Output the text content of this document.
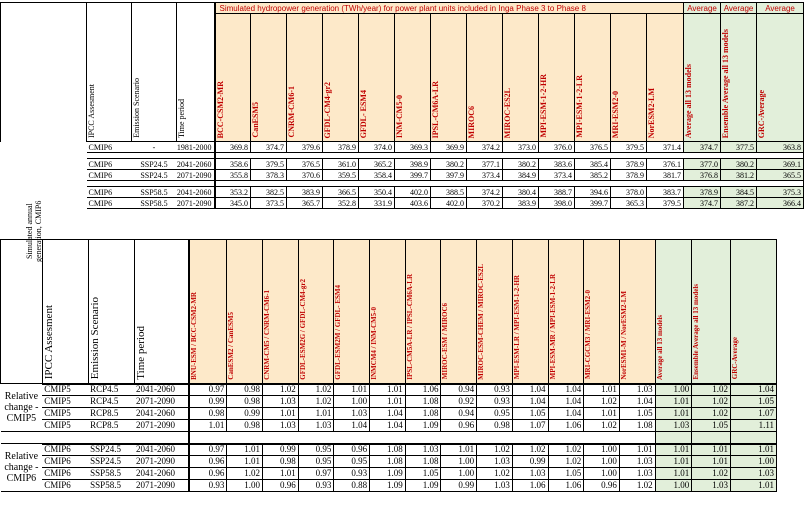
	IPCC Assesment	Emission Scenario	Time period	Simulated hydropower generation (TWh/year) for power plant units included in Inga Phase 3 to Phase 8													Average	Average	Average

				BCC-CSM2-MR	CanESM5	CNRM-CM6-1	GFDL-CM4-gr2	GFDL- ESM4	INM-CM5-0	IPSL-CM6A-LR	MIROC6	MIROC-ES2L	MPI-ESM-1-2-HR	MPI-ESM-1-2-LR	MRI-ESM2-0	NorESM2-LM	Average all 13 models	Ensemble Average all 13 models	GRC-Average

	CMIP6	-	1981-2000	369.8	374.7	379.6	378.9	374.0	369.3	369.9	374.2	373.0	376.0	376.5	379.5	371.4	374.7	377.5	363.8

	CMIP6	SSP24.5	2041-2060	358.6	379.5	376.5	361.0	365.2	398.9	380.2	377.1	380.2	383.6	385.4	378.9	376.1	377.0	380.2	369.1
	CMIP6	SSP24.5	2071-2090	355.8	378.3	370.6	359.5	358.4	399.7	397.9	373.4	384.9	373.4	385.2	378.9	381.7	376.8	381.2	365.5

	CMIP6	SSP58.5	2041-2060	353.2	382.5	383.9	366.5	350.4	402.0	388.5	374.2	380.4	388.7	394.6	378.0	383.7	378.9	384.5	375.3
	CMIP6	SSP58.5	2071-2090	345.0	373.5	365.7	352.8	331.9	403.6	402.0	370.2	383.9	398.0	399.7	365.3	379.5	374.7	387.2	366.4
Simulated annual generation, CMIP6

	IPCC Assesment	Emission Scenario	Time period	BNU-ESM / BCC-CSM2-MR	CanESM2 / CanESM5	CNRM-CM5 / CNRM-CM6-1	GFDL-ESM2G / GFDL-CM4-gr2	GFDL-ESM2M / GFDL- ESM4	INMCM4 / INM-CM5-0	IPSL-CM5A-LR / IPSL-CM6A-LR	MIROC-ESM / MIROC6	MIROC-ESM-CHEM / MIROC-ES2L	MPI-ESM-LR / MPI-ESM-1-2-HR	MPI-ESM-MR / MPI-ESM-1-2-LR	MRI-CGCM3 / MRI-ESM2-0	NorESM1-M / NorESM2-LM	Average all 13 models	Ensemble Average all 13 models	GRC-Average

Relative change - CMIP5	CMIP5	RCP4.5	2041-2060	0.97	0.98	1.02	1.02	1.01	1.01	1.06	0.94	0.93	1.04	1.04	1.01	1.03	1.00	1.02	1.04
	CMIP5	RCP4.5	2071-2090	0.99	0.98	1.03	1.02	1.00	1.01	1.08	0.92	0.93	1.04	1.04	1.02	1.04	1.01	1.02	1.05
	CMIP5	RCP8.5	2041-2060	0.98	0.99	1.01	1.01	1.03	1.04	1.08	0.94	0.95	1.05	1.04	1.01	1.05	1.01	1.02	1.07
	CMIP5	RCP8.5	2071-2090	1.01	0.98	1.03	1.03	1.04	1.04	1.09	0.96	0.98	1.07	1.06	1.02	1.08	1.03	1.05	1.11

Relative change - CMIP6	CMIP6	SSP24.5	2041-2060	0.97	1.01	0.99	0.95	0.96	1.08	1.03	1.01	1.02	1.02	1.02	1.00	1.01	1.01	1.01	1.01
	CMIP6	SSP24.5	2071-2090	0.96	1.01	0.98	0.95	0.95	1.08	1.08	1.00	1.03	0.99	1.02	1.00	1.03	1.01	1.01	1.00
	CMIP6	SSP58.5	2041-2060	0.96	1.02	1.01	0.97	0.93	1.09	1.05	1.00	1.02	1.03	1.05	1.00	1.03	1.01	1.02	1.03
	CMIP6	SSP58.5	2071-2090	0.93	1.00	0.96	0.93	0.88	1.09	1.09	0.99	1.03	1.06	1.06	0.96	1.02	1.00	1.03	1.01
